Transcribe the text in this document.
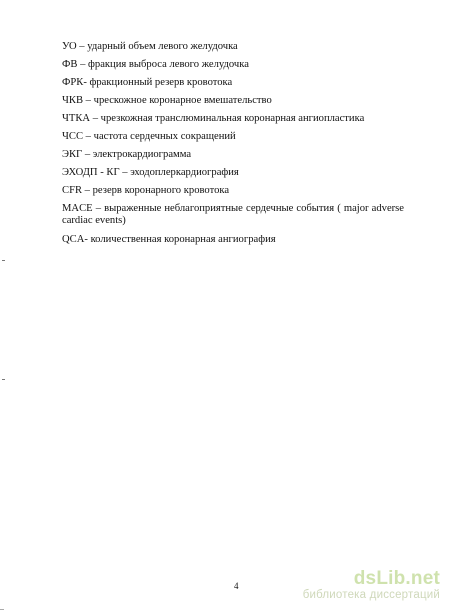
УО – ударный объем левого желудочка
ФВ – фракция выброса левого желудочка
ФРК- фракционный резерв кровотока
ЧКВ – чрескожное коронарное вмешательство
ЧТКА – чрезкожная транслюминальная коронарная ангиопластика
ЧСС – частота сердечных сокращений
ЭКГ – электрокардиограмма
ЭХОДП - КГ – эходоплеркардиография
CFR – резерв коронарного кровотока
MACE – выраженные неблагоприятные сердечные события ( major adverse cardiac events)
QCA- количественная коронарная ангиография
4	dsLib.net
библиотека диссертаций
